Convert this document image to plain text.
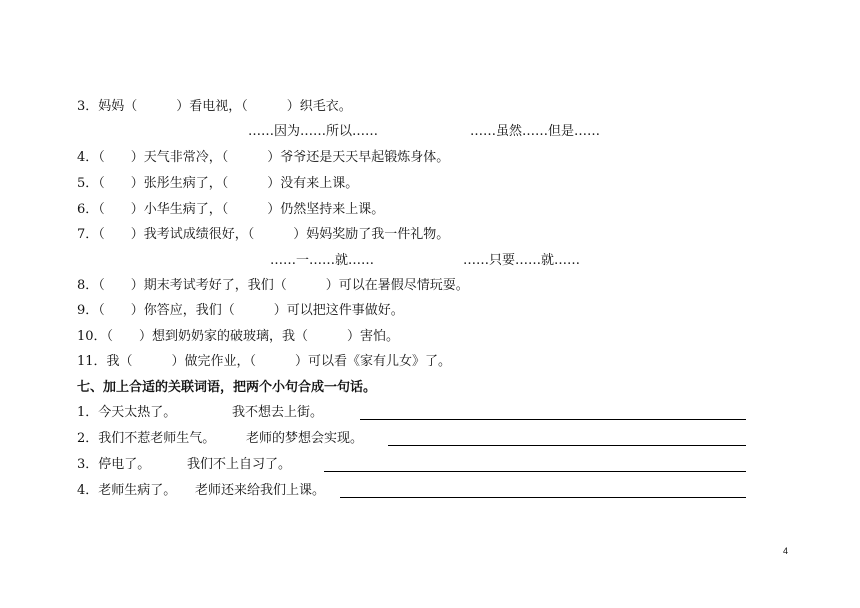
3．妈妈（　　　）看电视，（　　　）织毛衣。
……因为……所以……	……虽然……但是……
4．（　　）天气非常冷，（　　　）爷爷还是天天早起锻炼身体。
5．（　　）张彤生病了，（　　　）没有来上课。
6．（　　）小华生病了，（　　　）仍然坚持来上课。
7．（　　）我考试成绩很好，（　　　）妈妈奖励了我一件礼物。
……一……就……	……只要……就……
8．（　　）期末考试考好了，我们（　　　）可以在暑假尽情玩耍。
9．（　　）你答应，我们（　　　）可以把这件事做好。
10．（　　）想到奶奶家的破玻璃，我（　　　）害怕。
11．我（　　　）做完作业，（　　　）可以看《家有儿女》了。
七、加上合适的关联词语，把两个小句合成一句话。

1．今天太热了。

	我不想去上街。

2．我们不惹老师生气。

老师的梦想会实现。

3．停电了。

	我们不上自习了。

4．老师生病了。

老师还来给我们上课。

4
